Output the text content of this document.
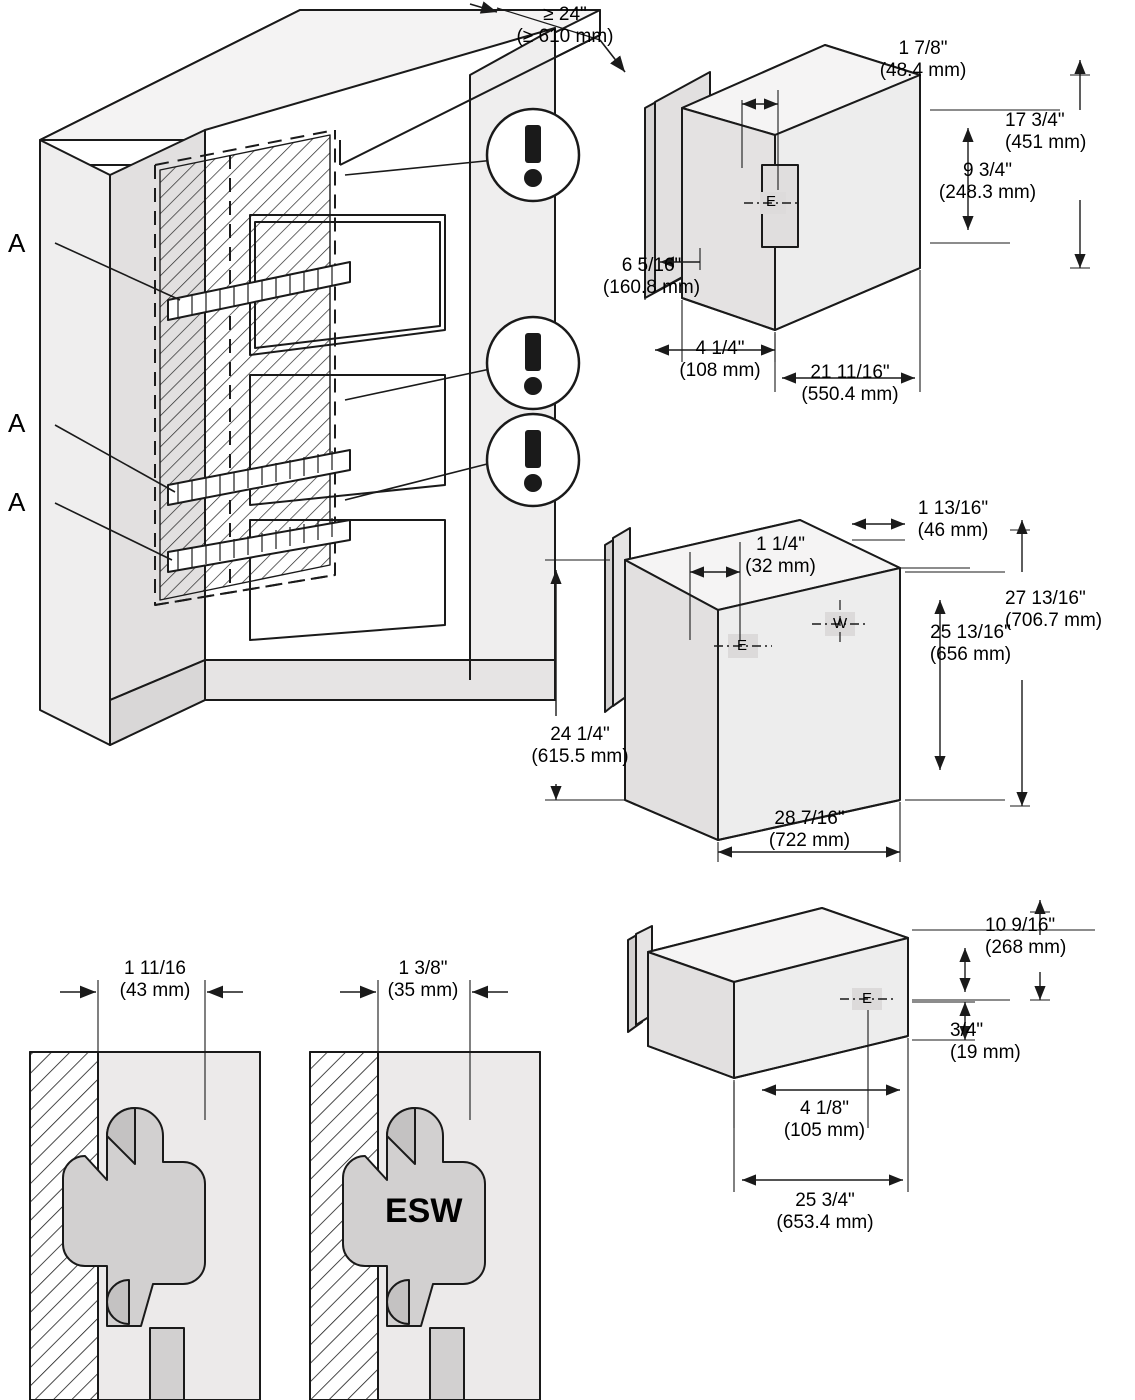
≥ 24"
(≥ 610 mm)
A
A
A
1 7/8"
(48.4 mm)
17 3/4"
(451 mm)
9 3/4"
(248.3 mm)
6 5/16"
(160.8 mm)
4 1/4"
(108 mm)	21 11/16"
(550.4 mm)
E
1 13/16"
(46 mm)
1 1/4"
(32 mm)
27 13/16"
(706.7 mm)
25 13/16"
(656 mm)
24 1/4"
(615.5 mm)
28 7/16"
(722 mm)
E
W
10 9/16"
(268 mm)
3/4"
(19 mm)
4 1/8"
(105 mm)
25 3/4"
(653.4 mm)
E
1 11/16
(43 mm)
1 3/8"
(35 mm)
ESW
